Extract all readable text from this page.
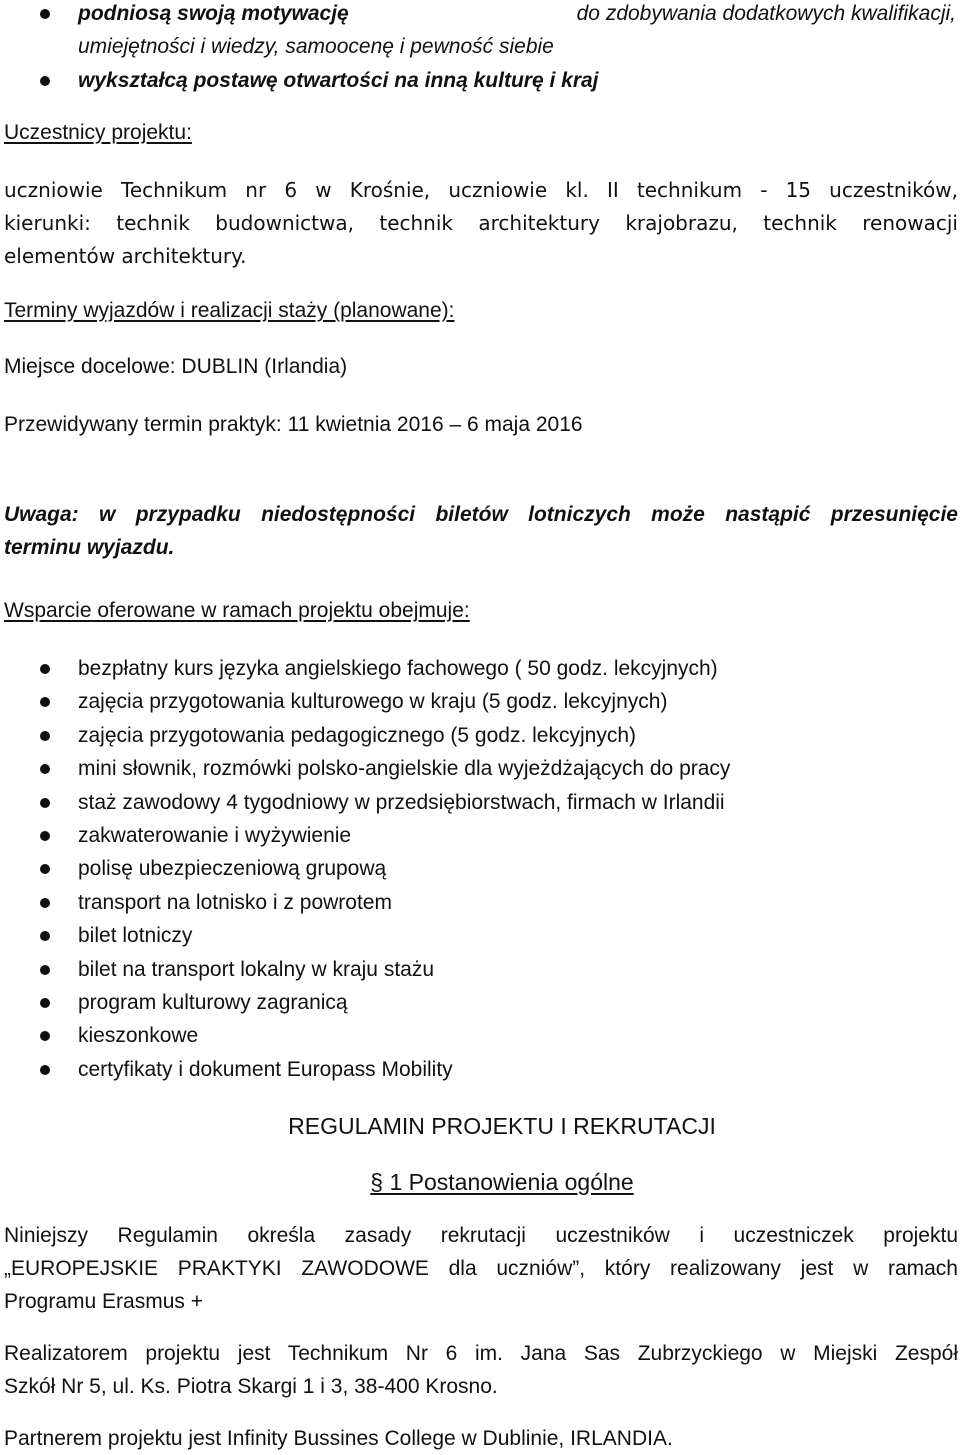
podniosą swoją motywację	do zdobywania dodatkowych kwalifikacji,
umiejętności i wiedzy, samoocenę i pewność siebie
wykształcą postawę otwartości na inną kulturę i kraj
Uczestnicy projektu:
uczniowie Technikum nr 6 w Krośnie, uczniowie kl. II technikum - 15 uczestników,
kierunki: technik budownictwa, technik architektury krajobrazu, technik renowacji
elementów architektury.
Terminy wyjazdów i realizacji staży (planowane):
Miejsce docelowe: DUBLIN (Irlandia)
Przewidywany termin praktyk: 11 kwietnia 2016 – 6 maja 2016
Uwaga: w przypadku niedostępności biletów lotniczych może nastąpić przesunięcie
terminu wyjazdu.
Wsparcie oferowane w ramach projektu obejmuje:
bezpłatny kurs języka angielskiego fachowego ( 50 godz. lekcyjnych)
zajęcia przygotowania kulturowego w kraju (5 godz. lekcyjnych)
zajęcia przygotowania pedagogicznego (5 godz. lekcyjnych)
mini słownik, rozmówki polsko-angielskie dla wyjeżdżających do pracy
staż zawodowy 4 tygodniowy w przedsiębiorstwach, firmach w Irlandii
zakwaterowanie i wyżywienie
polisę ubezpieczeniową grupową
transport na lotnisko i z powrotem
bilet lotniczy
bilet na transport lokalny w kraju stażu
program kulturowy zagranicą
kieszonkowe
certyfikaty i dokument Europass Mobility
REGULAMIN PROJEKTU I REKRUTACJI
§ 1 Postanowienia ogólne
Niniejszy Regulamin określa zasady rekrutacji uczestników i uczestniczek projektu
„EUROPEJSKIE PRAKTYKI ZAWODOWE dla uczniów”, który realizowany jest w ramach
Programu Erasmus +
Realizatorem projektu jest Technikum Nr 6 im. Jana Sas Zubrzyckiego w Miejski Zespół
Szkół Nr 5, ul. Ks. Piotra Skargi 1 i 3, 38-400 Krosno.
Partnerem projektu jest Infinity Bussines College w Dublinie, IRLANDIA.
